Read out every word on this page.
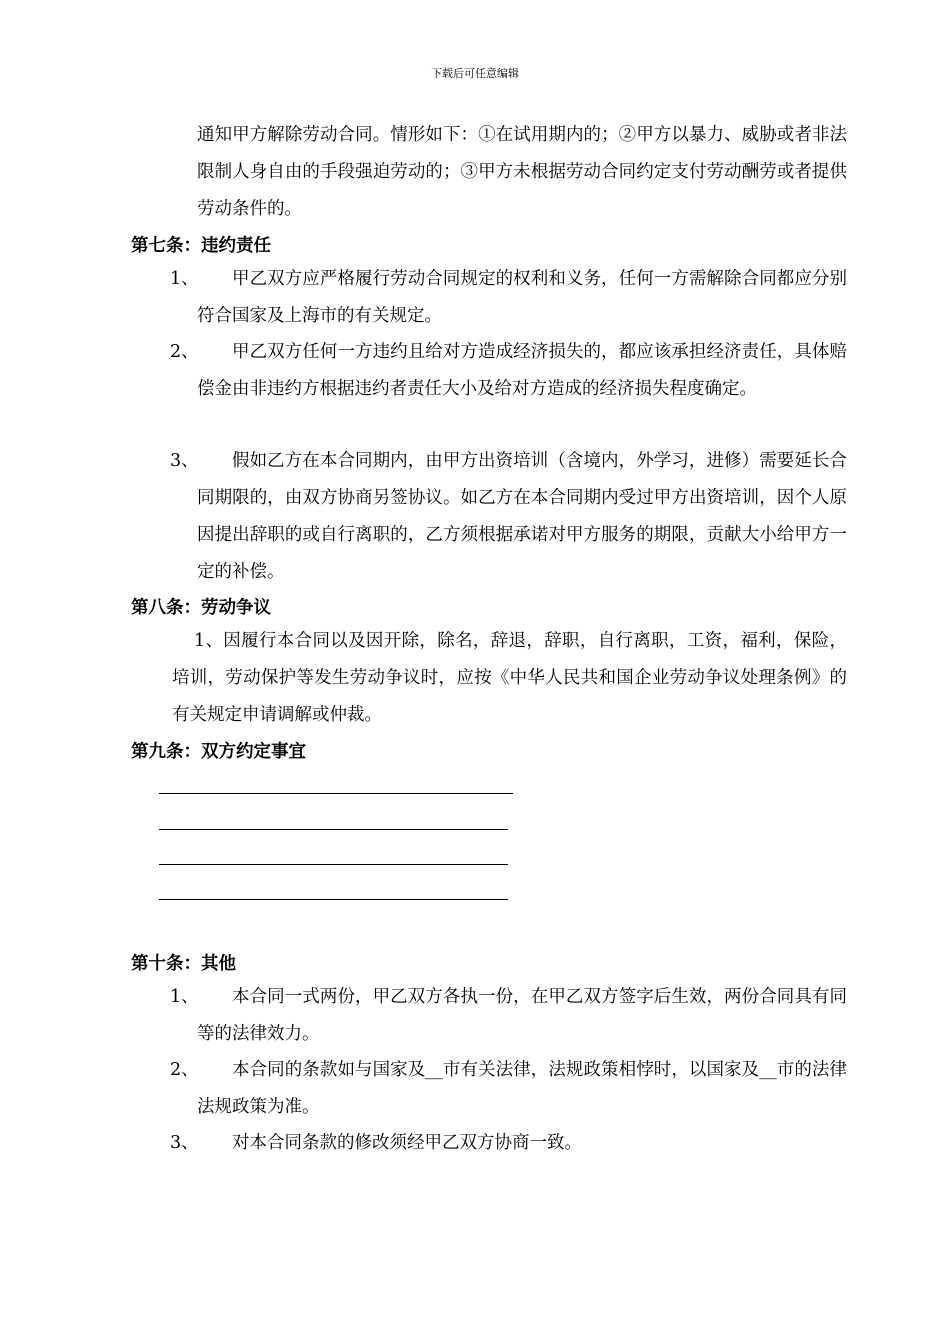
下载后可任意编辑
通知甲方解除劳动合同。情形如下：①在试用期内的；②甲方以暴力、威胁或者非法限制人身自由的手段强迫劳动的；③甲方未根据劳动合同约定支付劳动酬劳或者提供劳动条件的。
第七条：违约责任
1、	甲乙双方应严格履行劳动合同规定的权利和义务，任何一方需解除合同都应分别符合国家及上海市的有关规定。
2、	甲乙双方任何一方违约且给对方造成经济损失的，都应该承担经济责任，具体赔偿金由非违约方根据违约者责任大小及给对方造成的经济损失程度确定。
3、	假如乙方在本合同期内，由甲方出资培训（含境内，外学习，进修）需要延长合同期限的，由双方协商另签协议。如乙方在本合同期内受过甲方出资培训，因个人原因提出辞职的或自行离职的，乙方须根据承诺对甲方服务的期限，贡献大小给甲方一定的补偿。
第八条：劳动争议
1、因履行本合同以及因开除，除名，辞退，辞职，自行离职，工资，福利，保险，培训，劳动保护等发生劳动争议时，应按《中华人民共和国企业劳动争议处理条例》的有关规定申请调解或仲裁。
第九条：双方约定事宜
第十条：其他
1、	本合同一式两份，甲乙双方各执一份，在甲乙双方签字后生效，两份合同具有同等的法律效力。
2、	本合同的条款如与国家及__市有关法律，法规政策相悖时，以国家及__市的法律法规政策为准。
3、	对本合同条款的修改须经甲乙双方协商一致。
